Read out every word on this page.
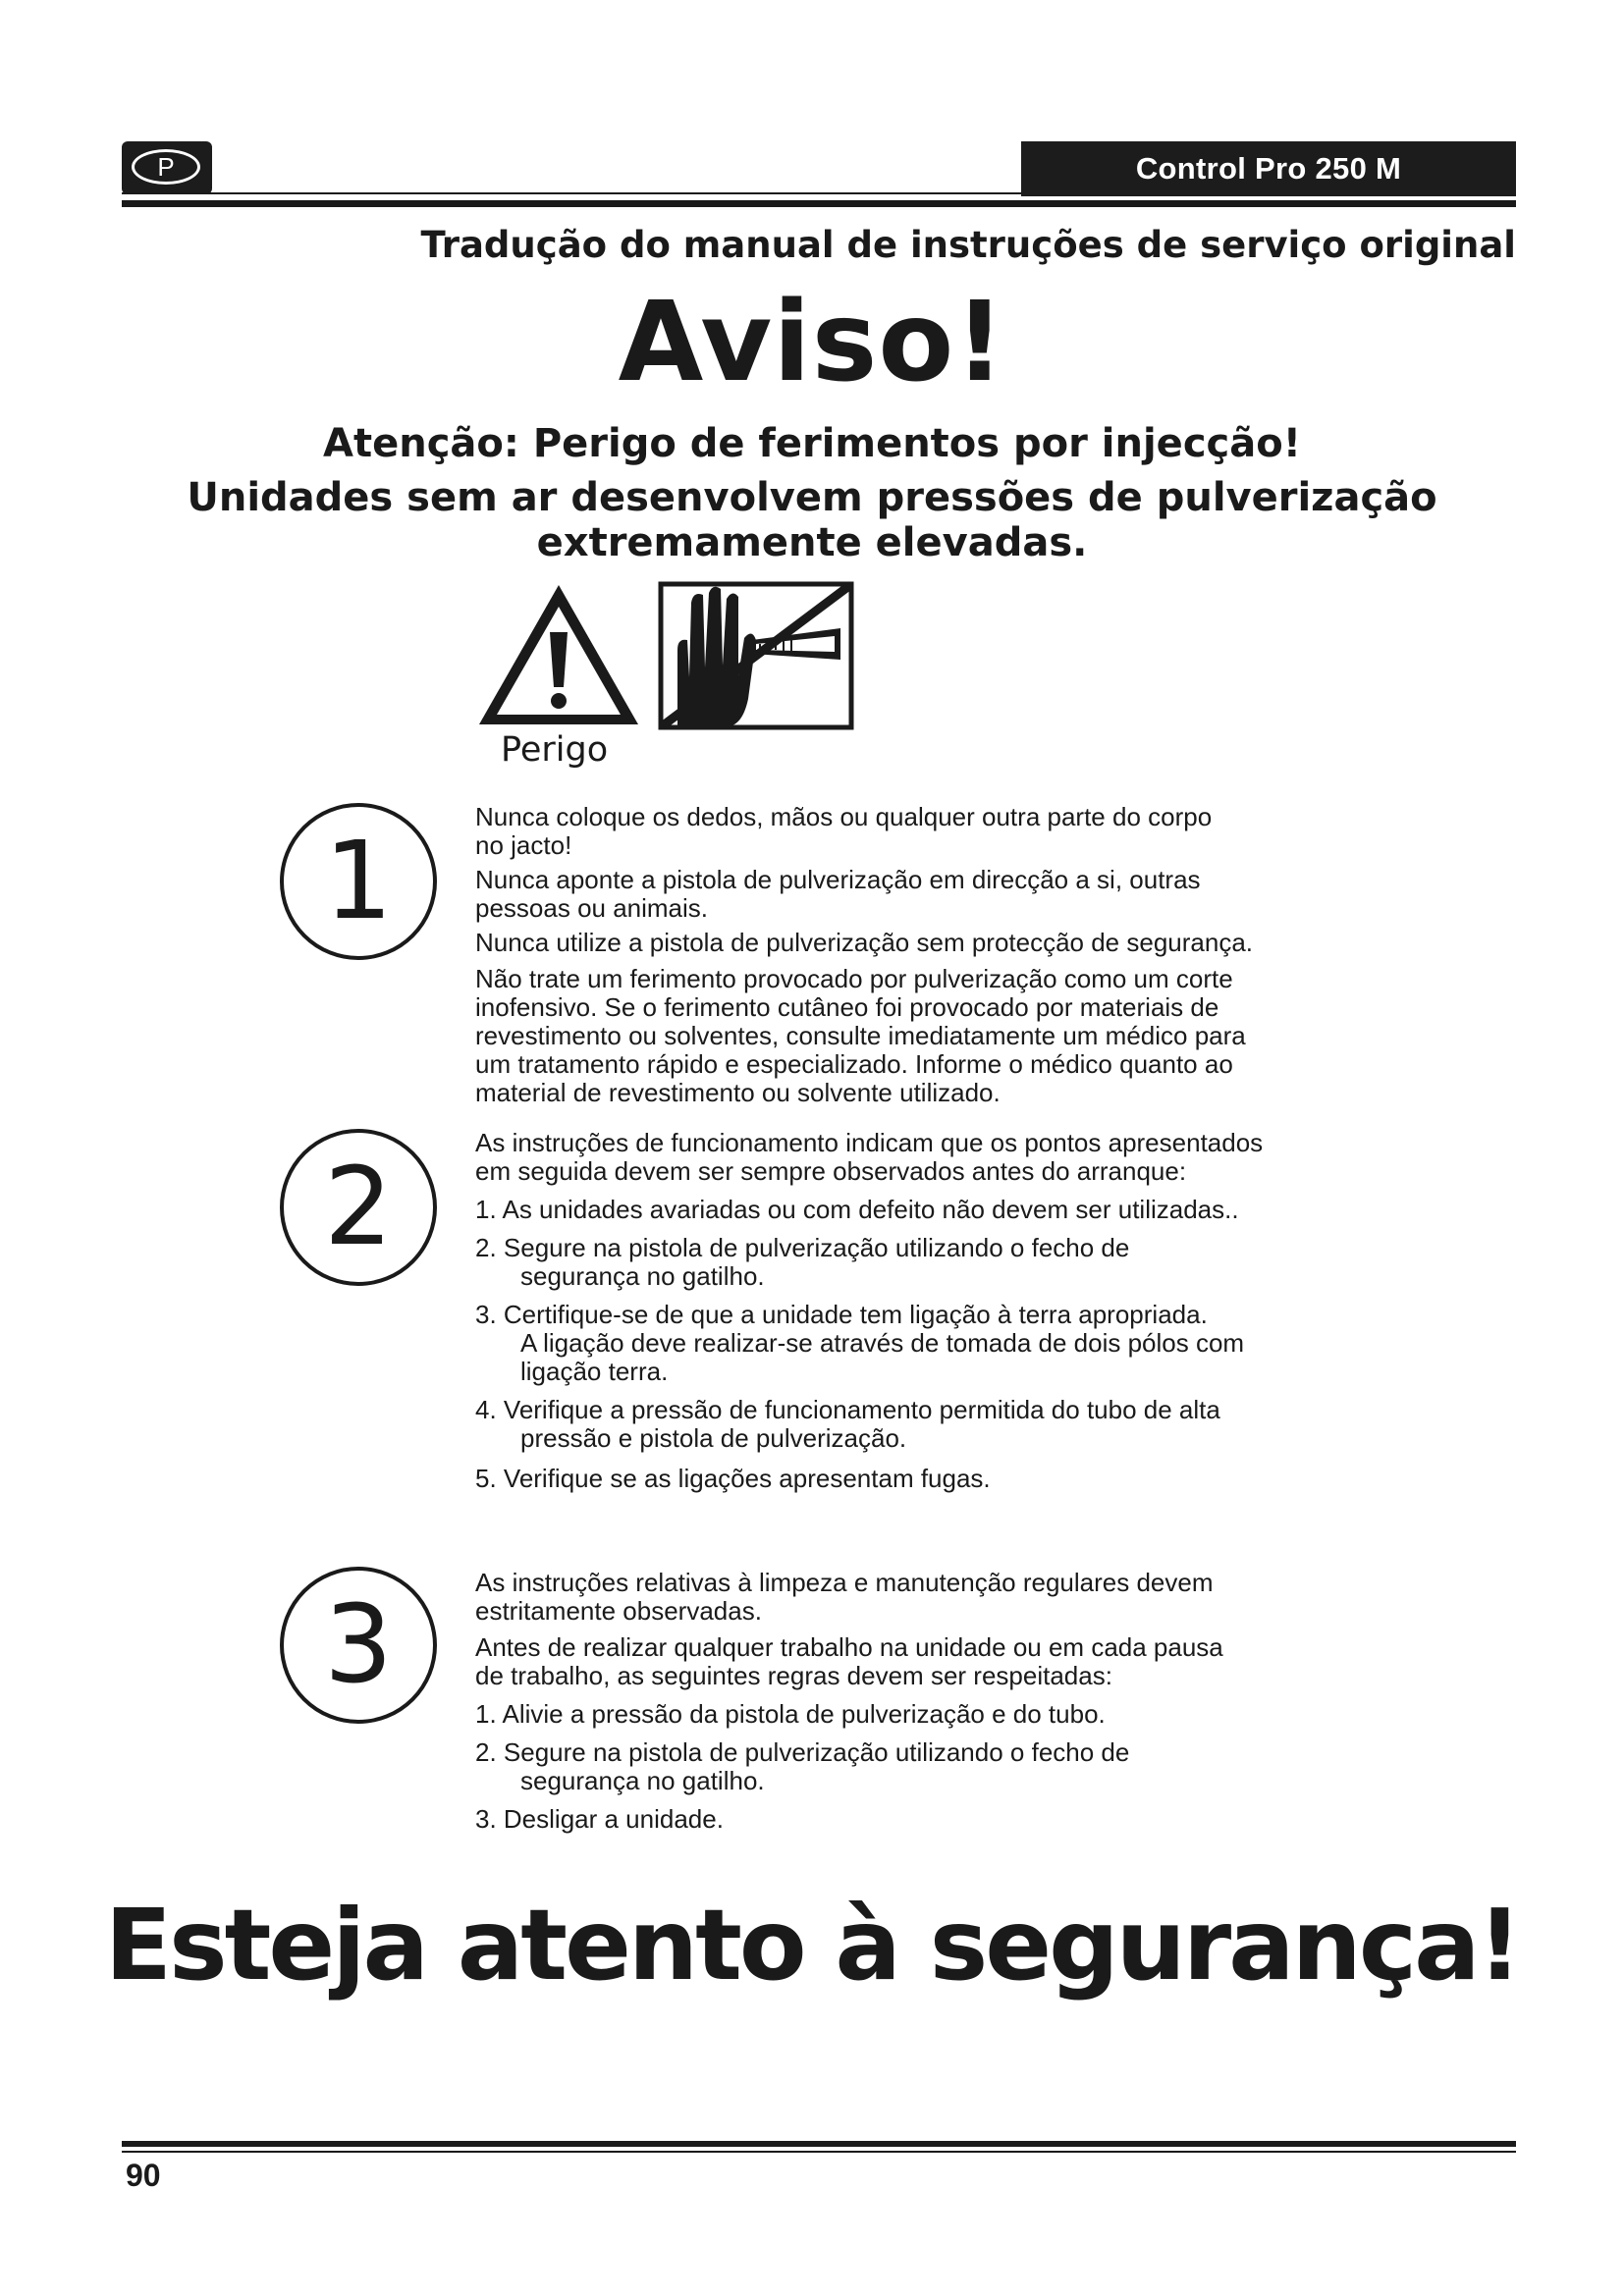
P	Control Pro 250 M
Tradução do manual de instruções de serviço original
Aviso!
Atenção: Perigo de ferimentos por injecção!
Unidades sem ar desenvolvem pressões de pulverização
extremamente elevadas.
Perigo
1
Nunca coloque os dedos, mãos ou qualquer outra parte do corpo
no jacto!
Nunca aponte a pistola de pulverização em direcção a si, outras
pessoas ou animais.
Nunca utilize a pistola de pulverização sem protecção de segurança.
Não trate um ferimento provocado por pulverização como um corte
inofensivo. Se o ferimento cutâneo foi provocado por materiais de
revestimento ou solventes, consulte imediatamente um médico para
um tratamento rápido e especializado. Informe o médico quanto ao
material de revestimento ou solvente utilizado.
2
As instruções de funcionamento indicam que os pontos apresentados
em seguida devem ser sempre observados antes do arranque:
1. As unidades avariadas ou com defeito não devem ser utilizadas..
2. Segure na pistola de pulverização utilizando o fecho de
segurança no gatilho.
3. Certifique-se de que a unidade tem ligação à terra apropriada.
A ligação deve realizar-se através de tomada de dois pólos com
ligação terra.
4. Verifique a pressão de funcionamento permitida do tubo de alta
pressão e pistola de pulverização.
5. Verifique se as ligações apresentam fugas.
3	As instruções relativas à limpeza e manutenção regulares devem
estritamente observadas.
Antes de realizar qualquer trabalho na unidade ou em cada pausa
de trabalho, as seguintes regras devem ser respeitadas:
1. Alivie a pressão da pistola de pulverização e do tubo.
2. Segure na pistola de pulverização utilizando o fecho de
segurança no gatilho.
3. Desligar a unidade.
Esteja atento à segurança!
90
